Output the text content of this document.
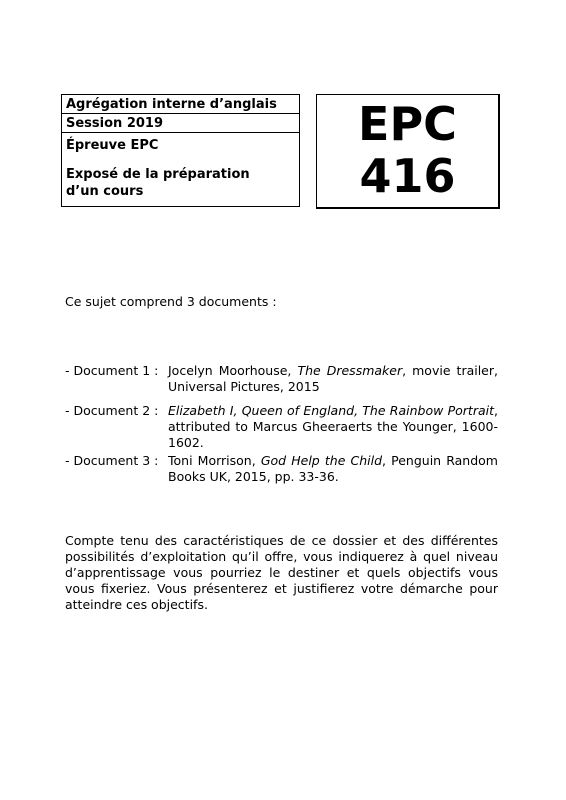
Agrégation interne d’anglais
Session 2019
Épreuve EPC
Exposé de la préparation
d’un cours
EPC
416
Ce sujet comprend 3 documents :
- Document 1 : Jocelyn Moorhouse, The Dressmaker, movie trailer, Universal Pictures, 2015
- Document 2 : Elizabeth I, Queen of England, The Rainbow Portrait, attributed to Marcus Gheeraerts the Younger, 1600-1602.
- Document 3 : Toni Morrison, God Help the Child, Penguin Random Books UK, 2015, pp. 33-36.
Compte tenu des caractéristiques de ce dossier et des différentes possibilités d’exploitation qu’il offre, vous indiquerez à quel niveau d’apprentissage vous pourriez le destiner et quels objectifs vous vous fixeriez. Vous présenterez et justifierez votre démarche pour atteindre ces objectifs.
